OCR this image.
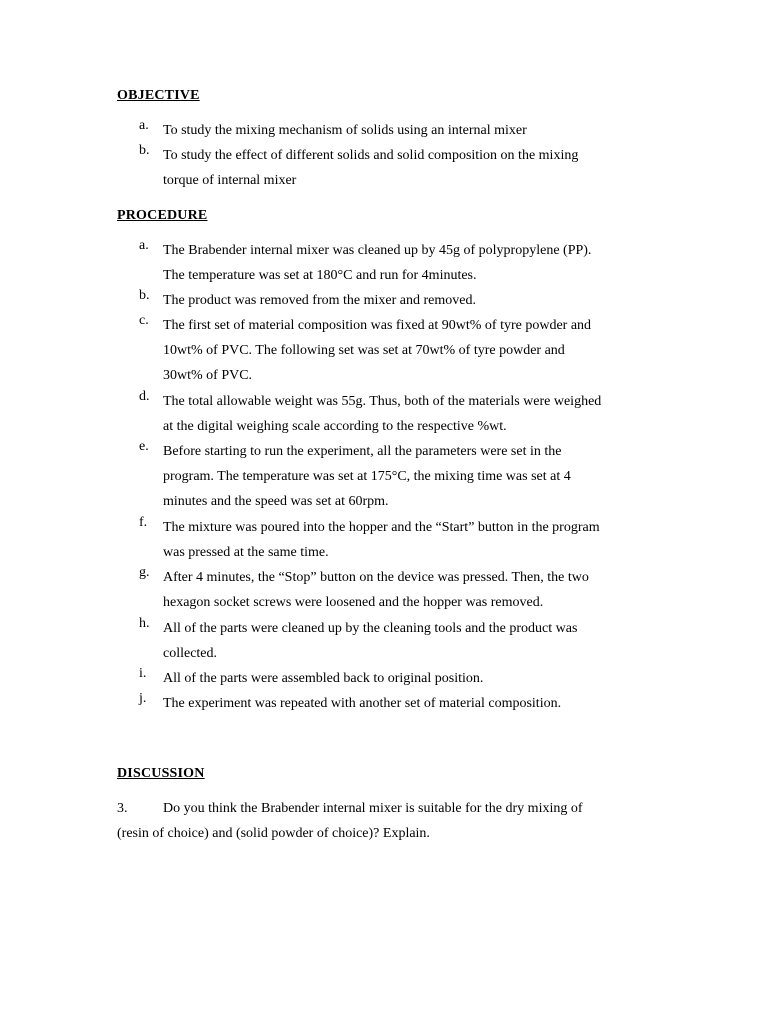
OBJECTIVE
a.	To study the mixing mechanism of solids using an internal mixer
b. To study the effect of different solids and solid composition on the mixing
torque of internal mixer
PROCEDURE
a.	The Brabender internal mixer was cleaned up by 45g of polypropylene (PP).
The temperature was set at 180°C and run for 4minutes.
b. The product was removed from the mixer and removed.
c.	The first set of material composition was fixed at 90wt% of tyre powder and
10wt% of PVC. The following set was set at 70wt% of tyre powder and
30wt% of PVC.
d. The total allowable weight was 55g. Thus, both of the materials were weighed
at the digital weighing scale according to the respective %wt.
e.	Before starting to run the experiment, all the parameters were set in the
program. The temperature was set at 175°C, the mixing time was set at 4
minutes and the speed was set at 60rpm.
f.	The mixture was poured into the hopper and the “Start” button in the program
was pressed at the same time.
g. After 4 minutes, the “Stop” button on the device was pressed. Then, the two
hexagon socket screws were loosened and the hopper was removed.
h. All of the parts were cleaned up by the cleaning tools and the product was
collected.
i.	All of the parts were assembled back to original position.
j.	The experiment was repeated with another set of material composition.
DISCUSSION
3.	Do you think the Brabender internal mixer is suitable for the dry mixing of
(resin of choice) and (solid powder of choice)? Explain.
